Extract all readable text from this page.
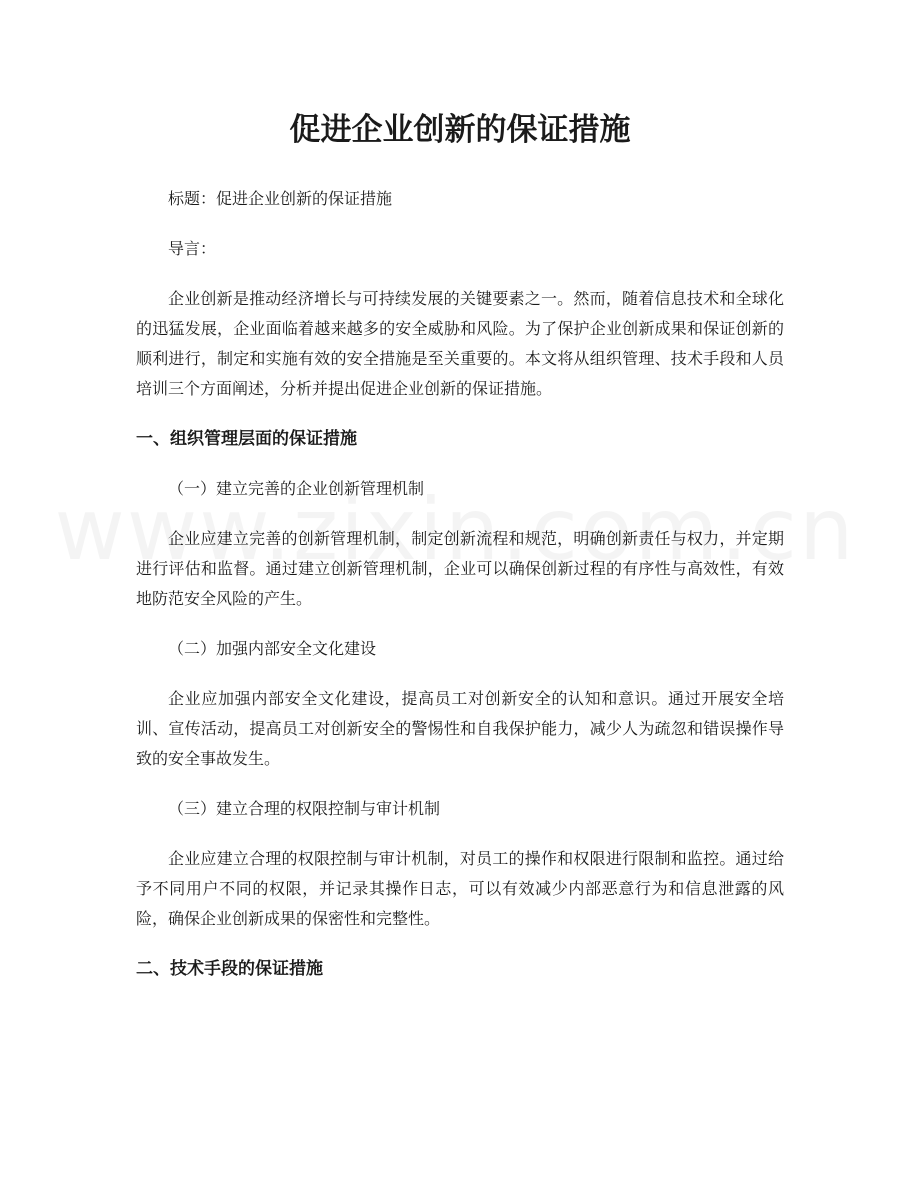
促进企业创新的保证措施

标题：促进企业创新的保证措施

导言：

企业创新是推动经济增长与可持续发展的关键要素之一。然而，随着信息技术和全球化的迅猛发展，企业面临着越来越多的安全威胁和风险。为了保护企业创新成果和保证创新的顺利进行，制定和实施有效的安全措施是至关重要的。本文将从组织管理、技术手段和人员培训三个方面阐述，分析并提出促进企业创新的保证措施。

一、组织管理层面的保证措施

（一）建立完善的企业创新管理机制

企业应建立完善的创新管理机制，制定创新流程和规范，明确创新责任与权力，并定期进行评估和监督。通过建立创新管理机制，企业可以确保创新过程的有序性与高效性，有效地防范安全风险的产生。

（二）加强内部安全文化建设

企业应加强内部安全文化建设，提高员工对创新安全的认知和意识。通过开展安全培训、宣传活动，提高员工对创新安全的警惕性和自我保护能力，减少人为疏忽和错误操作导致的安全事故发生。

（三）建立合理的权限控制与审计机制

企业应建立合理的权限控制与审计机制，对员工的操作和权限进行限制和监控。通过给予不同用户不同的权限，并记录其操作日志，可以有效减少内部恶意行为和信息泄露的风险，确保企业创新成果的保密性和完整性。

二、技术手段的保证措施
